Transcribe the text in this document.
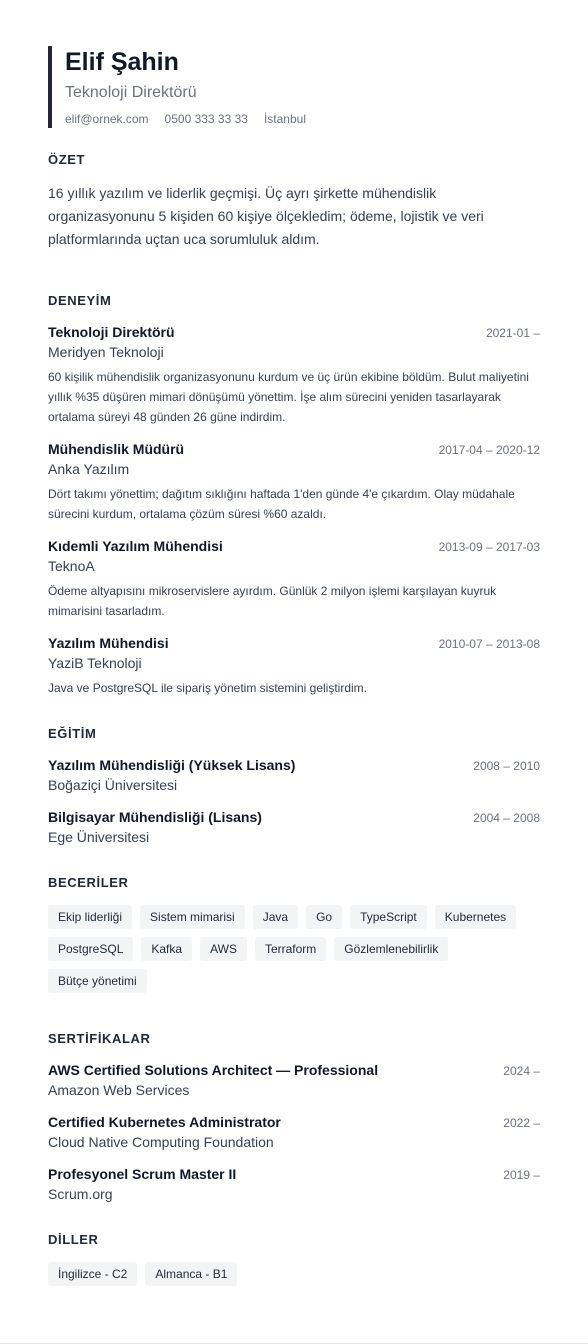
Elif Şahin
Teknoloji Direktörü
elif@ornek.com 0500 333 33 33 İstanbul
ÖZET
16 yıllık yazılım ve liderlik geçmişi. Üç ayrı şirkette mühendislik organizasyonunu 5 kişiden 60 kişiye ölçekledim; ödeme, lojistik ve veri platformlarında uçtan uca sorumluluk aldım.
DENEYİM
Teknoloji Direktörü	2021-01 –
Meridyen Teknoloji
60 kişilik mühendislik organizasyonunu kurdum ve üç ürün ekibine böldüm. Bulut maliyetini yıllık %35 düşüren mimari dönüşümü yönettim. İşe alım sürecini yeniden tasarlayarak ortalama süreyi 48 günden 26 güne indirdim.
Mühendislik Müdürü	2017-04 – 2020-12
Anka Yazılım
Dört takımı yönettim; dağıtım sıklığını haftada 1'den günde 4'e çıkardım. Olay müdahale sürecini kurdum, ortalama çözüm süresi %60 azaldı.
Kıdemli Yazılım Mühendisi	2013-09 – 2017-03
TeknoA
Ödeme altyapısını mikroservislere ayırdım. Günlük 2 milyon işlemi karşılayan kuyruk mimarisini tasarladım.
Yazılım Mühendisi	2010-07 – 2013-08
YaziB Teknoloji
Java ve PostgreSQL ile sipariş yönetim sistemini geliştirdim.
EĞİTİM
Yazılım Mühendisliği (Yüksek Lisans)	2008 – 2010
Boğaziçi Üniversitesi
Bilgisayar Mühendisliği (Lisans)	2004 – 2008
Ege Üniversitesi
BECERİLER
Ekip liderliği	Sistem mimarisi	Java	Go	TypeScript	Kubernetes
PostgreSQL	Kafka	AWS	Terraform	Gözlemlenebilirlik
Bütçe yönetimi
SERTİFİKALAR
AWS Certified Solutions Architect — Professional	2024 –
Amazon Web Services
Certified Kubernetes Administrator	2022 –
Cloud Native Computing Foundation
Profesyonel Scrum Master II	2019 –
Scrum.org
DİLLER
İngilizce - C2	Almanca - B1
